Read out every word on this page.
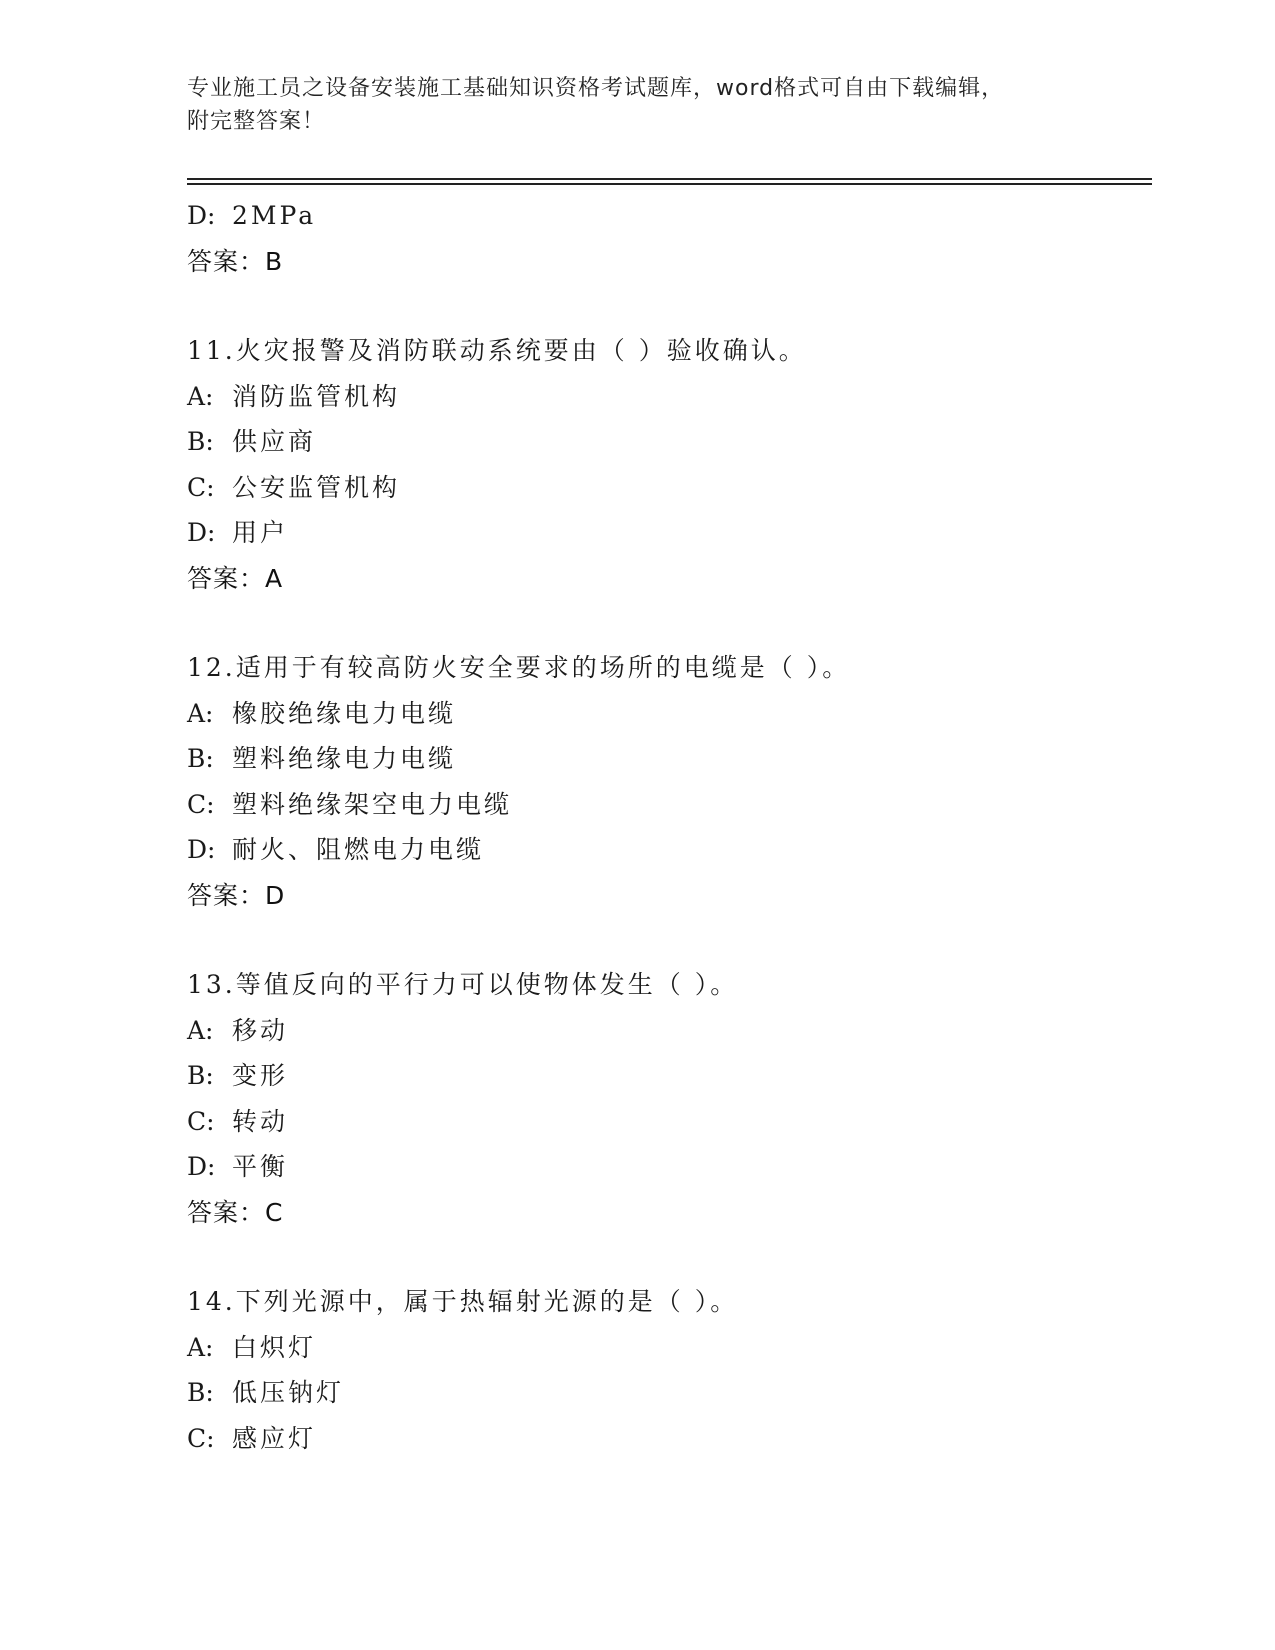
专业施工员之设备安装施工基础知识资格考试题库，word格式可自由下载编辑，
附完整答案！
D: 2MPa
答案：B
11.火灾报警及消防联动系统要由（ ）验收确认。
A: 消防监管机构
B: 供应商
C: 公安监管机构
D: 用户
答案：A
12.适用于有较高防火安全要求的场所的电缆是（ ）。
A: 橡胶绝缘电力电缆
B: 塑料绝缘电力电缆
C: 塑料绝缘架空电力电缆
D: 耐火、阻燃电力电缆
答案：D
13.等值反向的平行力可以使物体发生（ ）。
A: 移动
B: 变形
C: 转动
D: 平衡
答案：C
14.下列光源中，属于热辐射光源的是（ ）。
A: 白炽灯
B: 低压钠灯
C: 感应灯
